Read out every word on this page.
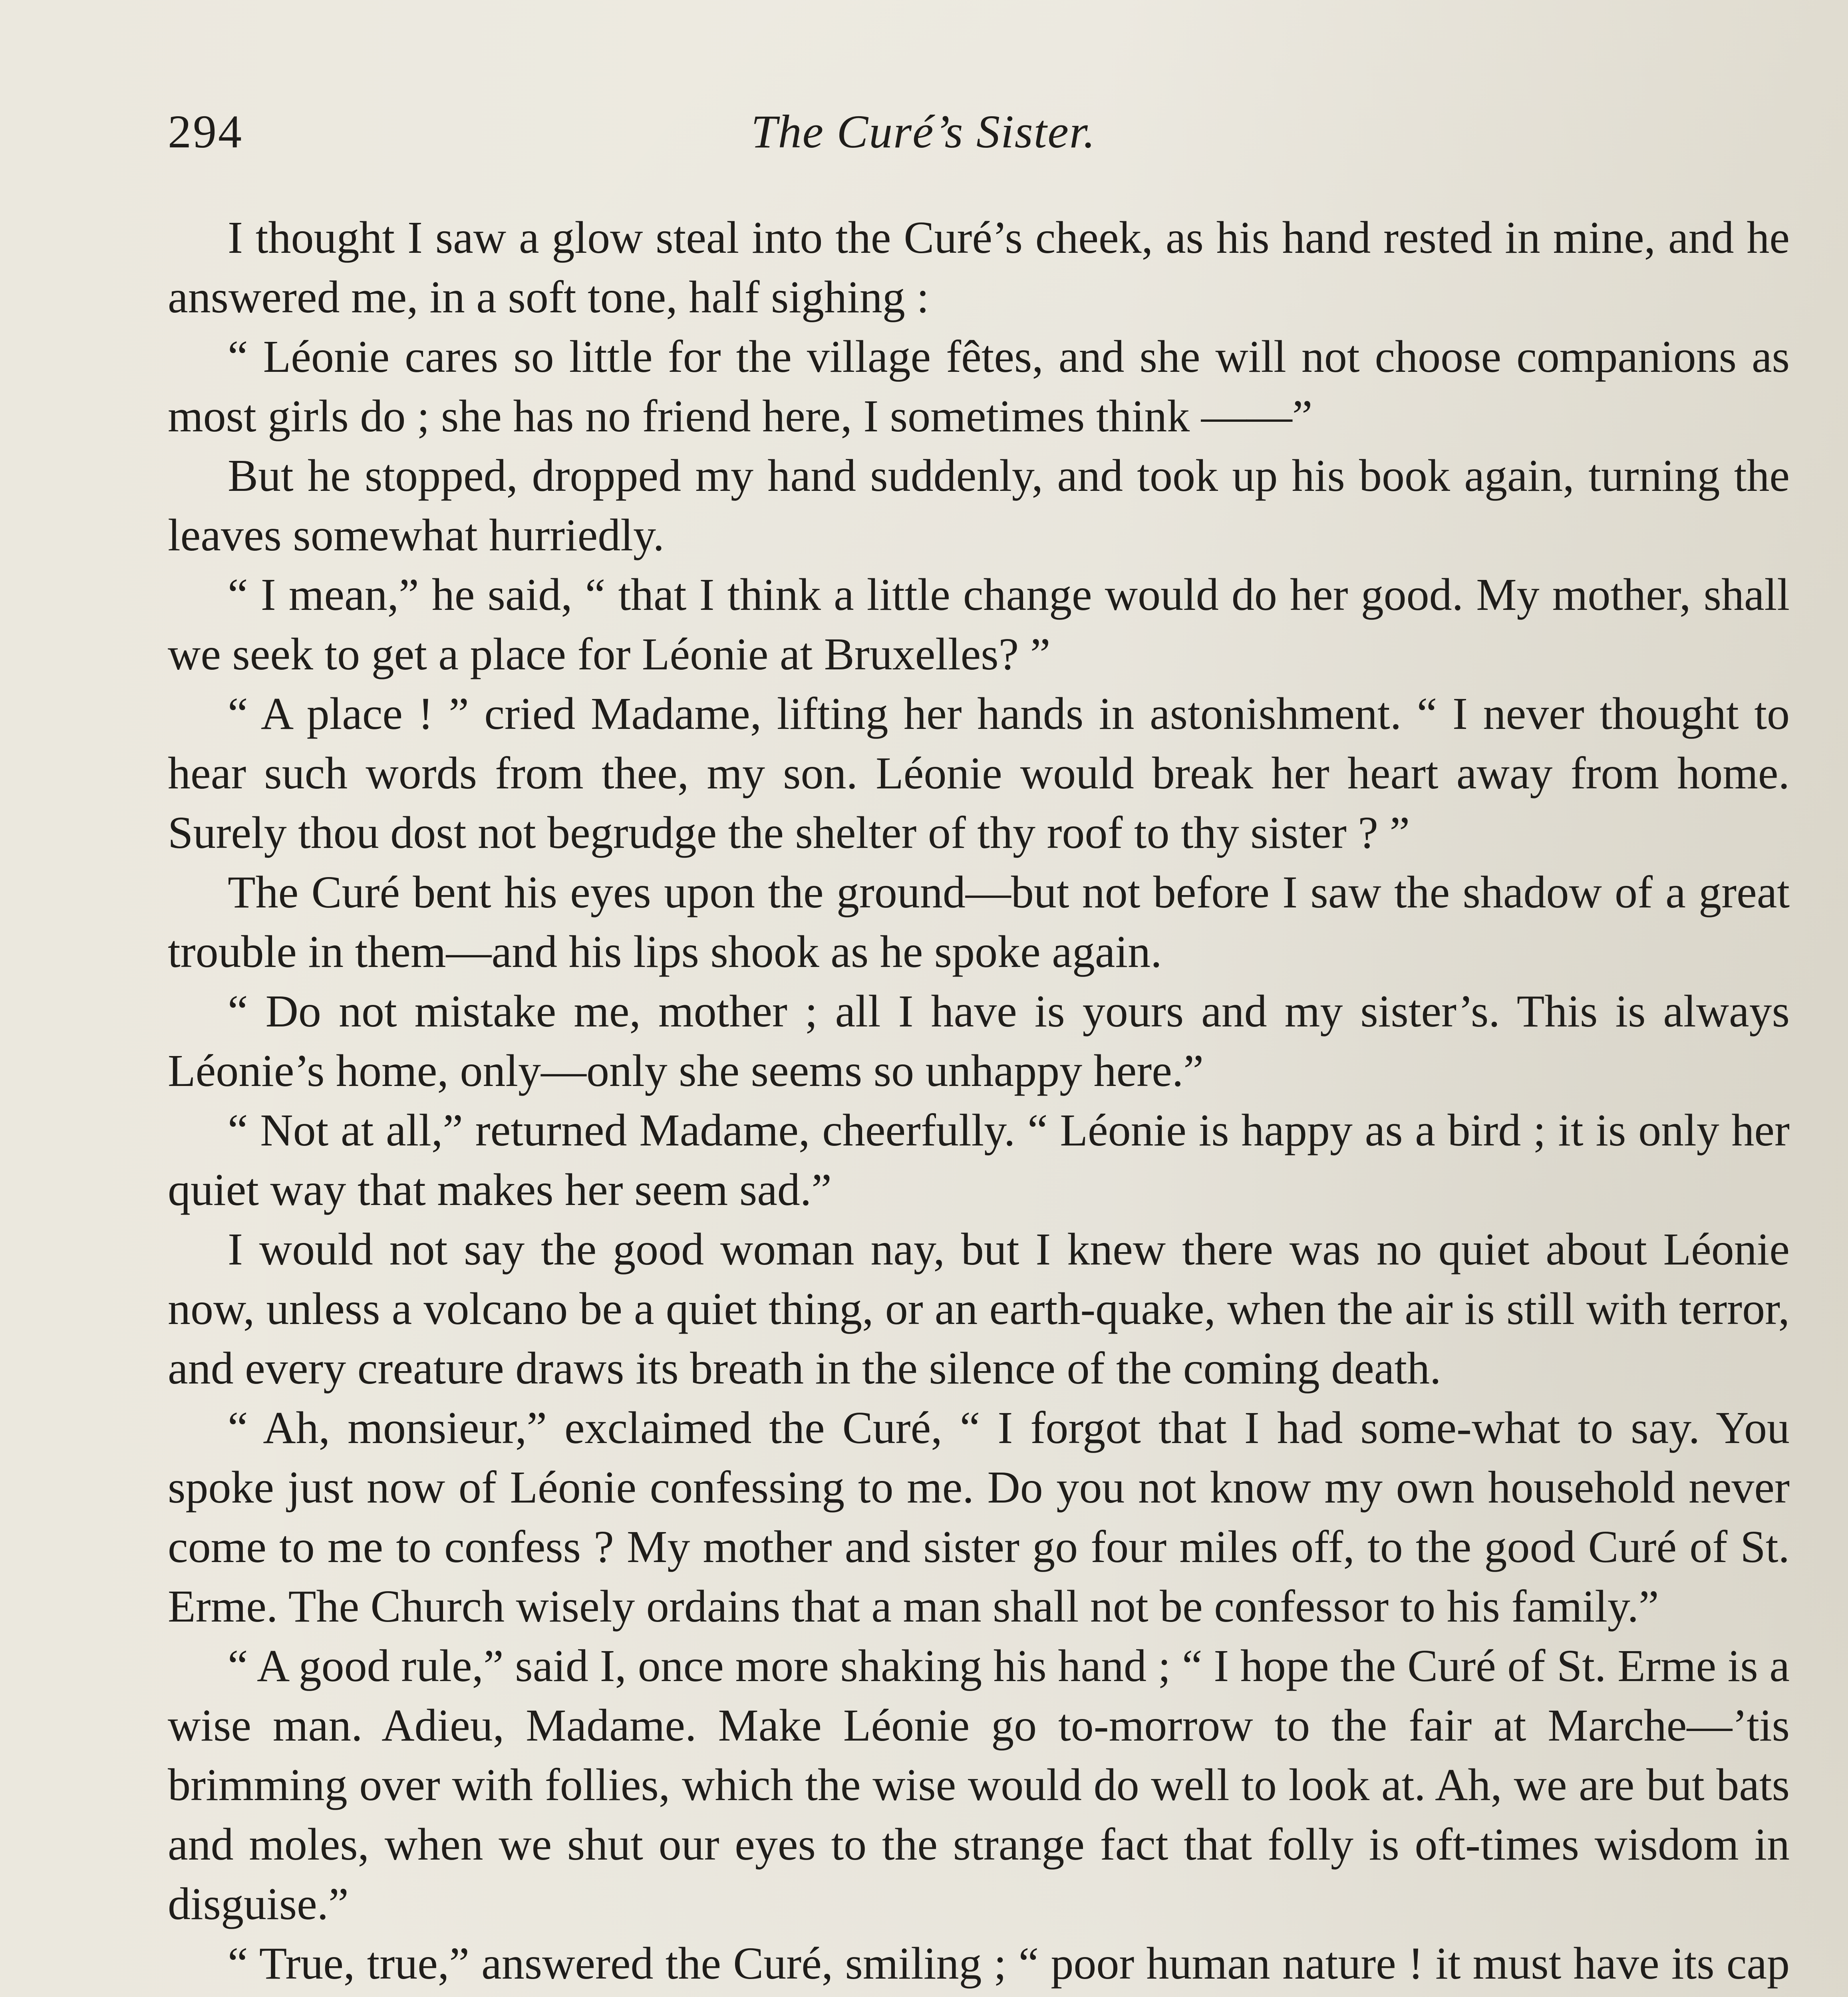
294	The Curé’s Sister.

I thought I saw a glow steal into the Curé’s cheek, as his hand rested in mine, and he answered me, in a soft tone, half sighing :

“ Léonie cares so little for the village fêtes, and she will not choose companions as most girls do ; she has no friend here, I sometimes think ——”

But he stopped, dropped my hand suddenly, and took up his book again, turning the leaves somewhat hurriedly.

“ I mean,” he said, “ that I think a little change would do her good. My mother, shall we seek to get a place for Léonie at Bruxelles? ”

“ A place ! ” cried Madame, lifting her hands in astonishment. “ I never thought to hear such words from thee, my son. Léonie would break her heart away from home. Surely thou dost not begrudge the shelter of thy roof to thy sister ? ”

The Curé bent his eyes upon the ground—but not before I saw the shadow of a great trouble in them—and his lips shook as he spoke again.

“ Do not mistake me, mother ; all I have is yours and my sister’s. This is always Léonie’s home, only—only she seems so unhappy here.”

“ Not at all,” returned Madame, cheerfully. “ Léonie is happy as a bird ; it is only her quiet way that makes her seem sad.”

I would not say the good woman nay, but I knew there was no quiet about Léonie now, unless a volcano be a quiet thing, or an earth-quake, when the air is still with terror, and every creature draws its breath in the silence of the coming death.

“ Ah, monsieur,” exclaimed the Curé, “ I forgot that I had some-what to say. You spoke just now of Léonie confessing to me. Do you not know my own household never come to me to confess ? My mother and sister go four miles off, to the good Curé of St. Erme. The Church wisely ordains that a man shall not be confessor to his family.”

“ A good rule,” said I, once more shaking his hand ; “ I hope the Curé of St. Erme is a wise man. Adieu, Madame. Make Léonie go to-morrow to the fair at Marche—’tis brimming over with follies, which the wise would do well to look at. Ah, we are but bats and moles, when we shut our eyes to the strange fact that folly is oft-times wisdom in disguise.”

“ True, true,” answered the Curé, smiling ; “ poor human nature ! it must have its cap
